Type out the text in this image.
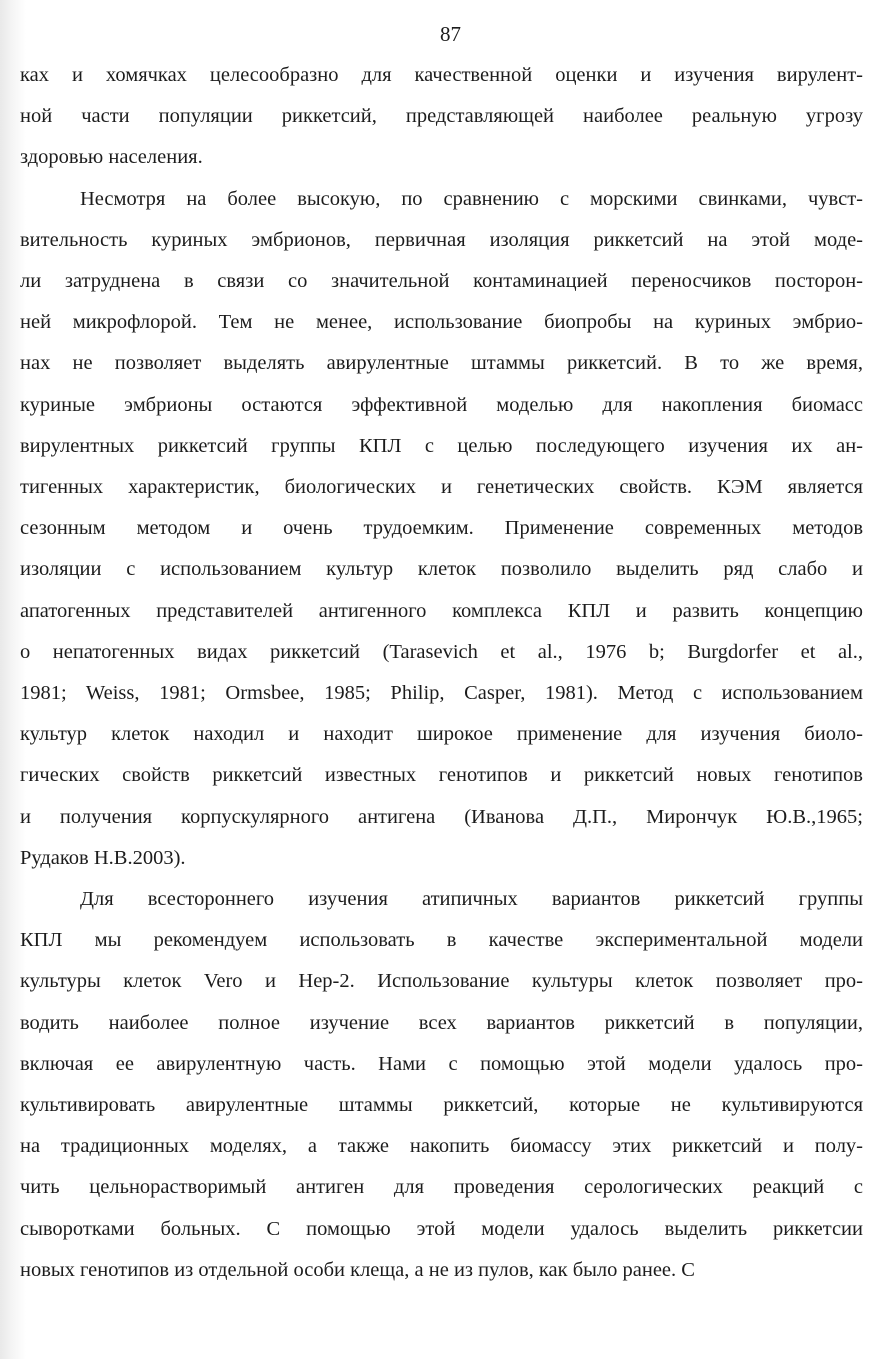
87
ках и хомячках целесообразно для качественной оценки и изучения вирулент-
ной части популяции риккетсий, представляющей наиболее реальную угрозу
здоровью населения.
Несмотря на более высокую, по сравнению с морскими свинками, чувст-
вительность куриных эмбрионов, первичная изоляция риккетсий на этой моде-
ли затруднена в связи со значительной контаминацией переносчиков посторон-
ней микрофлорой. Тем не менее, использование биопробы на куриных эмбрио-
нах не позволяет выделять авирулентные штаммы риккетсий. В то же время,
куриные эмбрионы остаются эффективной моделью для накопления биомасс
вирулентных риккетсий группы КПЛ с целью последующего изучения их ан-
тигенных характеристик, биологических и генетических свойств. КЭМ является
сезонным методом и очень трудоемким. Применение современных методов
изоляции с использованием культур клеток позволило выделить ряд слабо и
апатогенных представителей антигенного комплекса КПЛ и развить концепцию
о непатогенных видах риккетсий (Tarasevich et al., 1976 b; Burgdorfer et al.,
1981; Weiss, 1981; Ormsbee, 1985; Philip, Casper, 1981). Метод с использованием
культур клеток находил и находит широкое применение для изучения биоло-
гических свойств риккетсий известных генотипов и риккетсий новых генотипов
и получения корпускулярного антигена (Иванова Д.П., Мирончук Ю.В.,1965;
Рудаков Н.В.2003).
Для всестороннего изучения атипичных вариантов риккетсий группы
КПЛ мы рекомендуем использовать в качестве экспериментальной модели
культуры клеток Vero и Hep-2. Использование культуры клеток позволяет про-
водить наиболее полное изучение всех вариантов риккетсий в популяции,
включая ее авирулентную часть. Нами с помощью этой модели удалось про-
культивировать авирулентные штаммы риккетсий, которые не культивируются
на традиционных моделях, а также накопить биомассу этих риккетсий и полу-
чить цельнорастворимый антиген для проведения серологических реакций с
сыворотками больных. С помощью этой модели удалось выделить риккетсии
новых генотипов из отдельной особи клеща, а не из пулов, как было ранее. С
